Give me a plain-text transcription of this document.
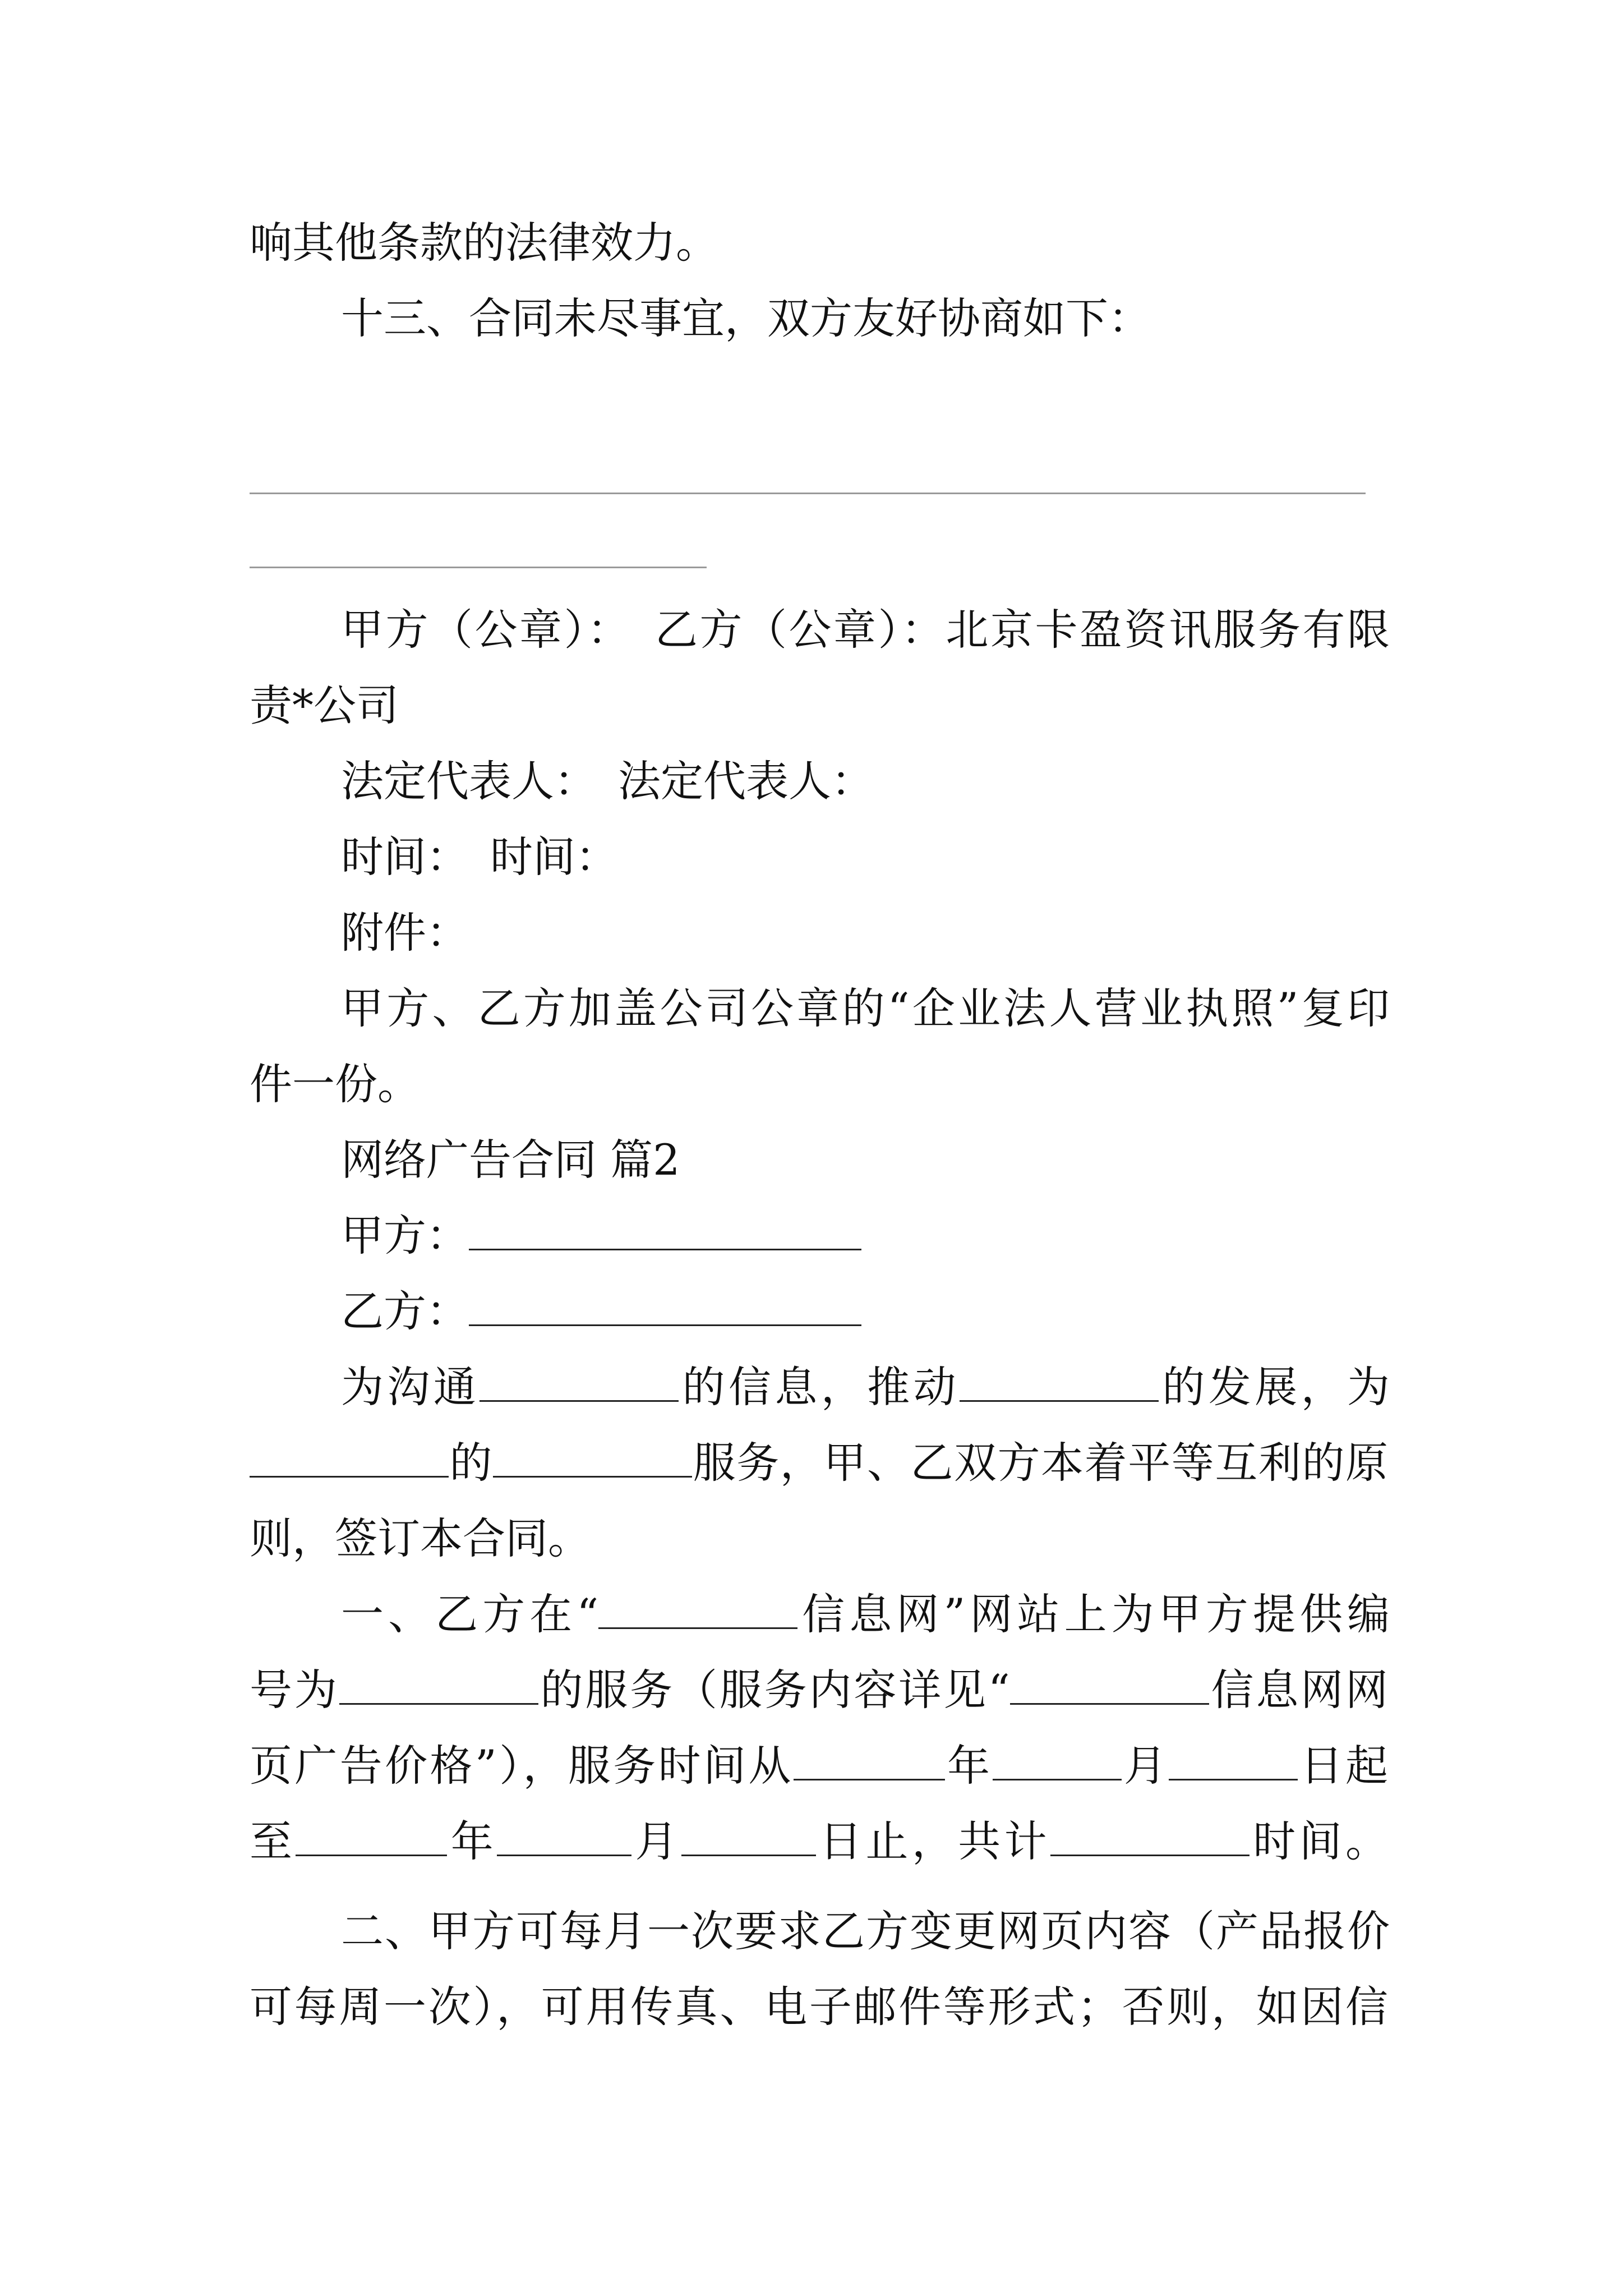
响其他条款的法律效力。
十三、合同未尽事宜，双方友好协商如下：
甲方（公章）：　乙方（公章）：北京卡盈资讯服务有限
责*公司
法定代表人：　法定代表人：
时间：　时间：
附件：
甲方、乙方加盖公司公章的“企业法人营业执照”复印
件一份。
网络广告合同 篇2
甲方：
乙方：
为沟通	的信息，推动	的发展，为
的	服务，甲、乙双方本着平等互利的原
则，签订本合同。
一、乙方在“	信息网”网站上为甲方提供编
号为	的服务（服务内容详见“	信息网网
页广告价格”），服务时间从	年	月	日起
至	年	月	日止，共计	时间。
二、甲方可每月一次要求乙方变更网页内容（产品报价
可每周一次），可用传真、电子邮件等形式；否则，如因信
